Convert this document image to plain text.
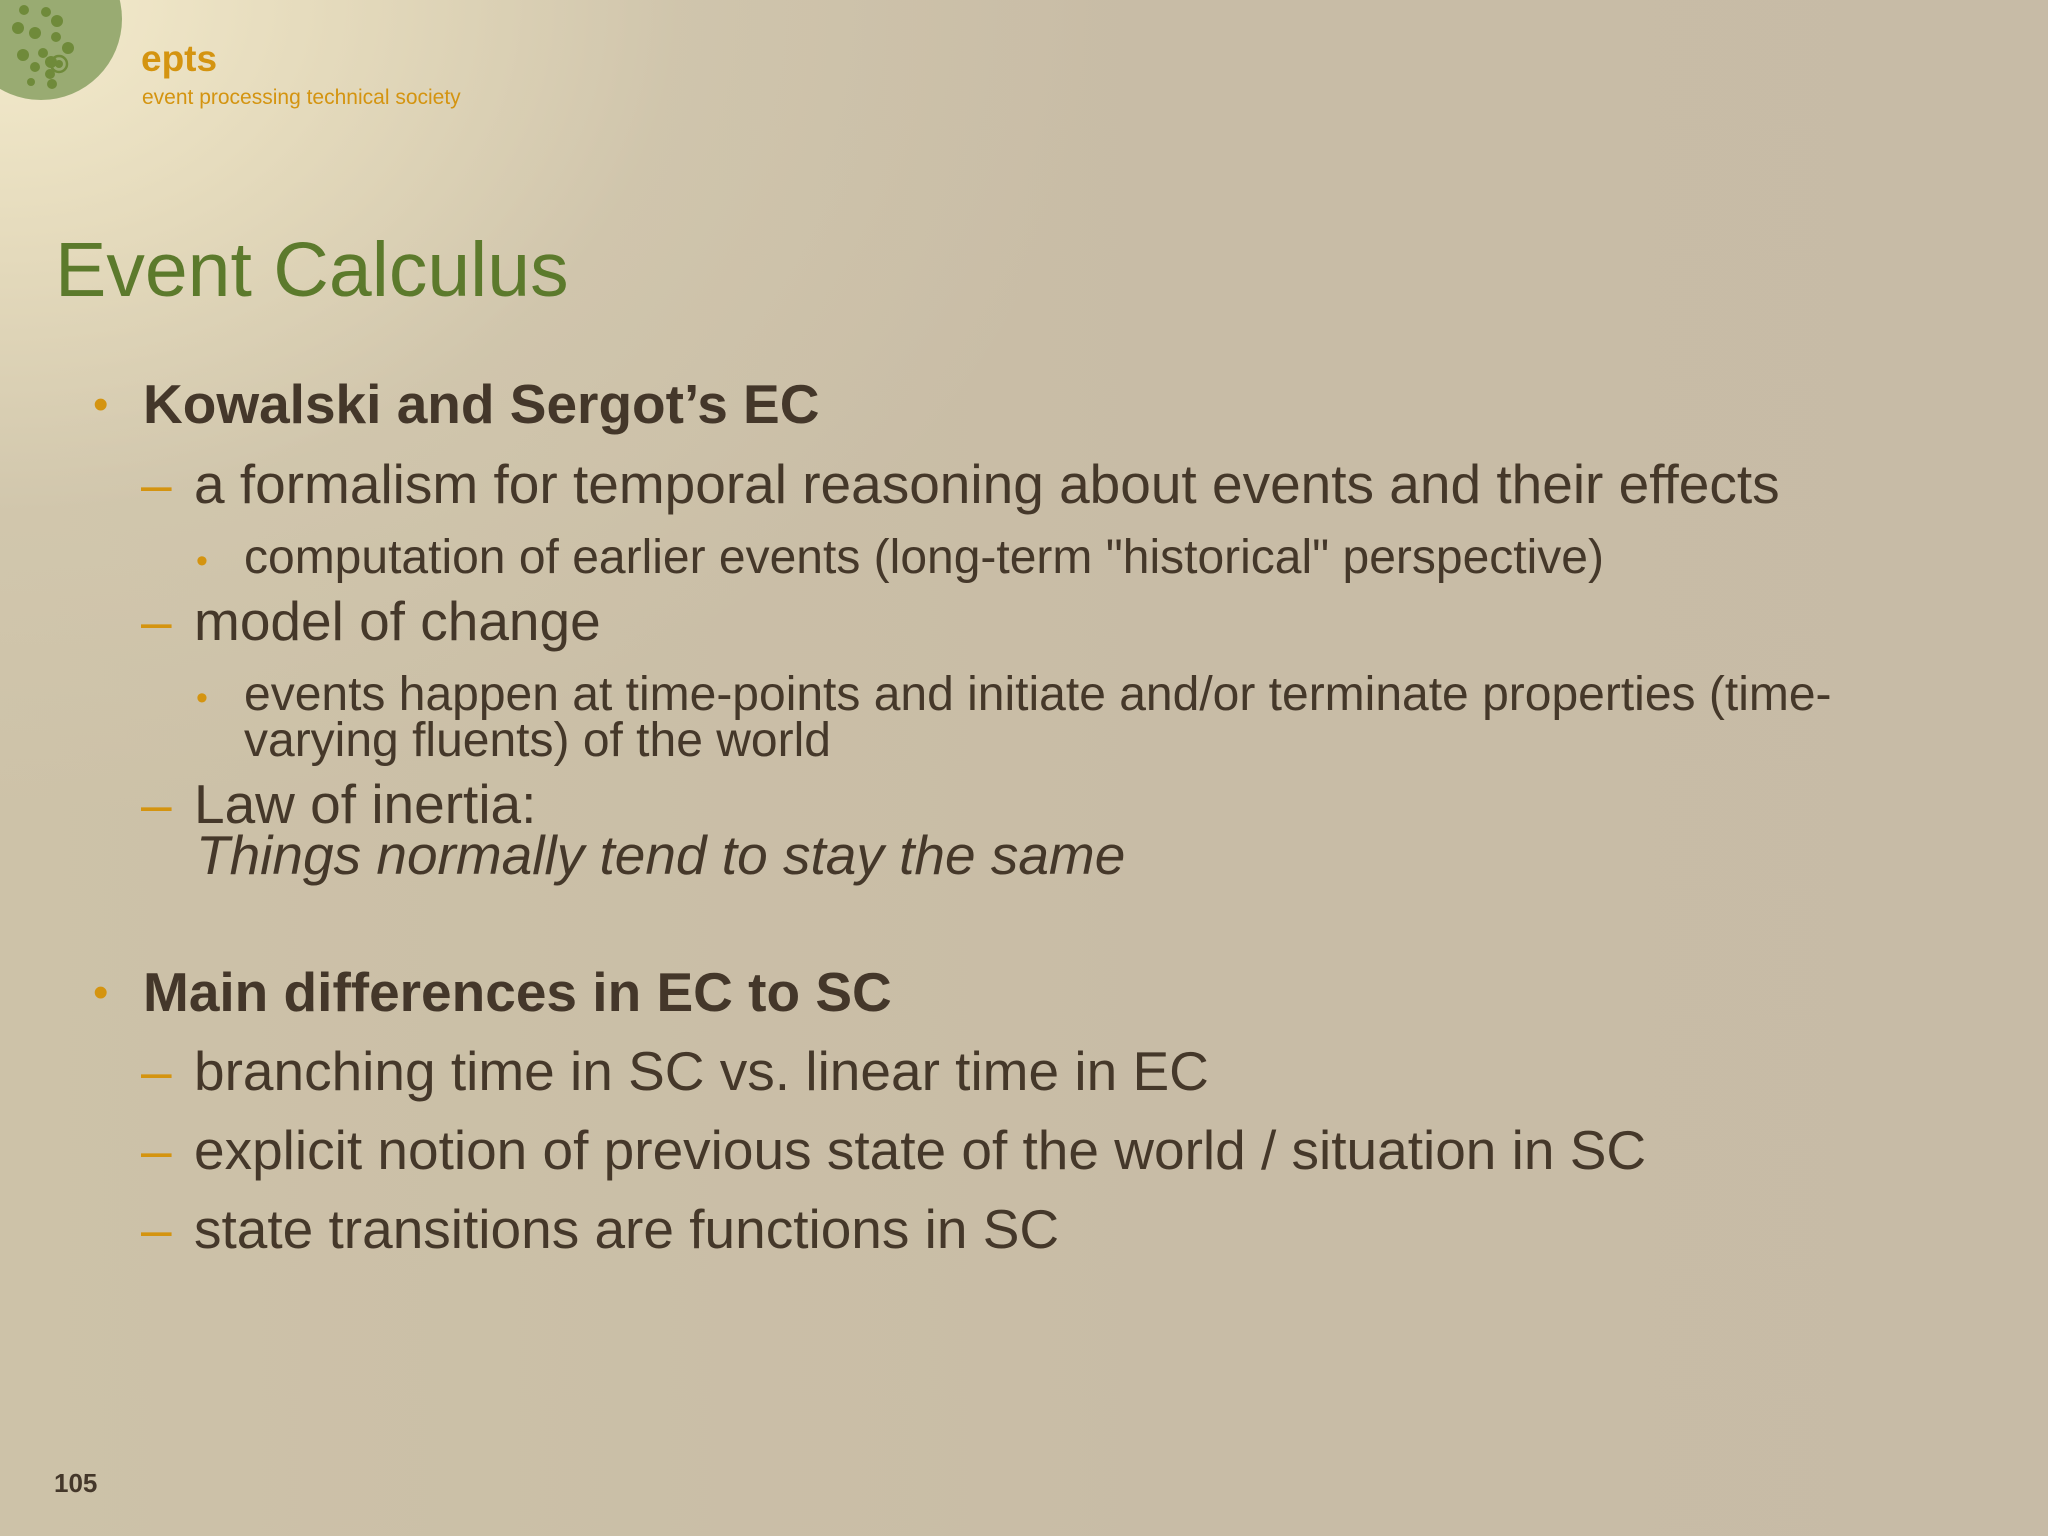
epts
event processing technical society
Event Calculus
• Kowalski and Sergot’s EC
– a formalism for temporal reasoning about events and their effects
• computation of earlier events (long-term "historical" perspective)
– model of change
• events happen at time-points and initiate and/or terminate properties (time-
varying fluents) of the world
– Law of inertia:
Things normally tend to stay the same
• Main differences in EC to SC
– branching time in SC vs. linear time in EC
– explicit notion of previous state of the world / situation in SC
– state transitions are functions in SC
105
